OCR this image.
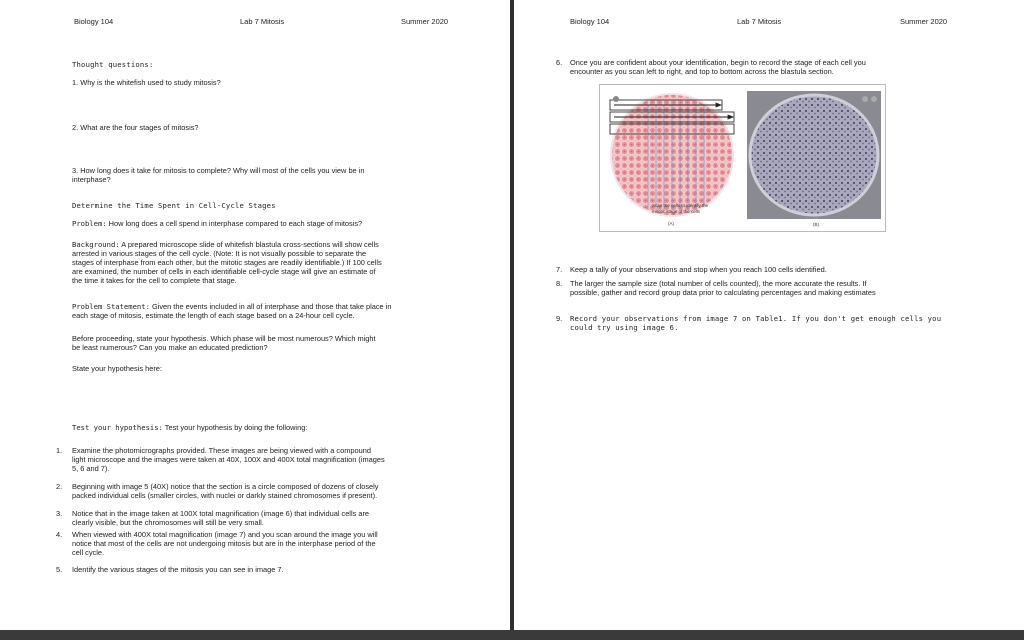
Biology 104	Lab 7 Mitosis	Summer 2020
Thought questions:
1. Why is the whitefish used to study mitosis?
2. What are the four stages of mitosis?
3. How long does it take for mitosis to complete? Why will most of the cells you view be in
interphase?
Determine the Time Spent in Cell-Cycle Stages
Problem: How long does a cell spend in interphase compared to each stage of mitosis?
Background: A prepared microscope slide of whitefish blastula cross-sections will show cells
arrested in various stages of the cell cycle. (Note: It is not visually possible to separate the
stages of interphase from each other, but the mitotic stages are readily identifiable.) If 100 cells
are examined, the number of cells in each identifiable cell-cycle stage will give an estimate of
the time it takes for the cell to complete that stage.
Problem Statement: Given the events included in all of interphase and those that take place in
each stage of mitosis, estimate the length of each stage based on a 24-hour cell cycle.
Before proceeding, state your hypothesis. Which phase will be most numerous? Which might
be least numerous? Can you make an educated prediction?
State your hypothesis here:
Test your hypothesis: Test your hypothesis by doing the following:
1. Examine the photomicrographs provided. These images are being viewed with a compound
light microscope and the images were taken at 40X, 100X and 400X total magnification (images
5, 6 and 7).
2. Beginning with image 5 (40X) notice that the section is a circle composed of dozens of closely
packed individual cells (smaller circles, with nuclei or darkly stained chromosomes if present).
3. Notice that in the image taken at 100X total magnification (image 6) that individual cells are
clearly visible, but the chromosomes will still be very small.
4. When viewed with 400X total magnification (image 7) and you scan around the image you will
notice that most of the cells are not undergoing mitosis but are in the interphase period of the
cell cycle.
5. Identify the various stages of the mitosis you can see in image 7.
Biology 104	Lab 7 Mitosis	Summer 2020
6. Once you are confident about your identification, begin to record the stage of each cell you
encounter as you scan left to right, and top to bottom across the blastula section.
Scan the cells to identify the
mitotic stage of the cells
(A)	(B)
7. Keep a tally of your observations and stop when you reach 100 cells identified.
8. The larger the sample size (total number of cells counted), the more accurate the results. If
possible, gather and record group data prior to calculating percentages and making estimates
9. Record your observations from image 7 on Table1. If you don't get enough cells you
could try using image 6.
